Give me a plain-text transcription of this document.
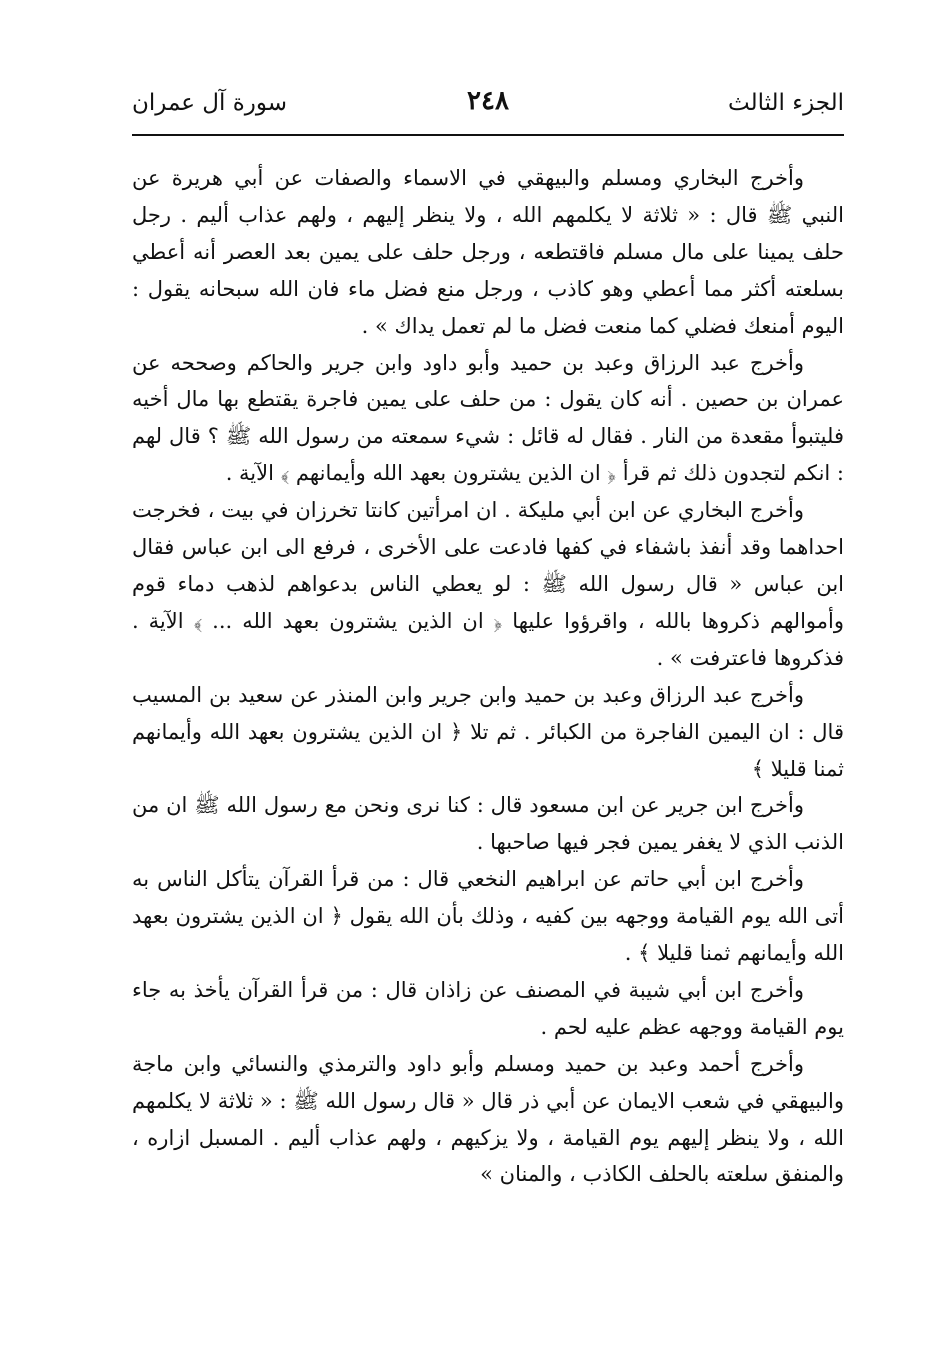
الجزء الثالث
٢٤٨
سورة آل عمران

وأخرج البخاري ومسلم والبيهقي في الاسماء والصفات عن أبي هريرة عن النبي ﷺ قال : « ثلاثة لا يكلمهم الله ، ولا ينظر إليهم ، ولهم عذاب أليم . رجل حلف يمينا على مال مسلم فاقتطعه ، ورجل حلف على يمين بعد العصر أنه أعطي بسلعته أكثر مما أعطي وهو كاذب ، ورجل منع فضل ماء فان الله سبحانه يقول : اليوم أمنعك فضلي كما منعت فضل ما لم تعمل يداك » .

وأخرج عبد الرزاق وعبد بن حميد وأبو داود وابن جرير والحاكم وصححه عن عمران بن حصين . أنه كان يقول : من حلف على يمين فاجرة يقتطع بها مال أخيه فليتبوأ مقعدة من النار . فقال له قائل : شيء سمعته من رسول الله ﷺ ؟ قال لهم : انكم لتجدون ذلك ثم قرأ ﴿ ان الذين يشترون بعهد الله وأيمانهم ﴾ الآية .

وأخرج البخاري عن ابن أبي مليكة . ان امرأتين كانتا تخرزان في بيت ، فخرجت احداهما وقد أنفذ باشفاء في كفها فادعت على الأخرى ، فرفع الى ابن عباس فقال ابن عباس « قال رسول الله ﷺ : لو يعطي الناس بدعواهم لذهب دماء قوم وأموالهم ذكروها بالله ، واقرؤوا عليها ﴿ ان الذين يشترون بعهد الله ... ﴾ الآية . فذكروها فاعترفت » .

وأخرج عبد الرزاق وعبد بن حميد وابن جرير وابن المنذر عن سعيد بن المسيب قال : ان اليمين الفاجرة من الكبائر . ثم تلا ﴿ ان الذين يشترون بعهد الله وأيمانهم ثمنا قليلا ﴾

وأخرج ابن جرير عن ابن مسعود قال : كنا نرى ونحن مع رسول الله ﷺ ان من الذنب الذي لا يغفر يمين فجر فيها صاحبها .

وأخرج ابن أبي حاتم عن ابراهيم النخعي قال : من قرأ القرآن يتأكل الناس به أتى الله يوم القيامة ووجهه بين كفيه ، وذلك بأن الله يقول ﴿ ان الذين يشترون بعهد الله وأيمانهم ثمنا قليلا ﴾ .

وأخرج ابن أبي شيبة في المصنف عن زاذان قال : من قرأ القرآن يأخذ به جاء يوم القيامة ووجهه عظم عليه لحم .

وأخرج أحمد وعبد بن حميد ومسلم وأبو داود والترمذي والنسائي وابن ماجة والبيهقي في شعب الايمان عن أبي ذر قال « قال رسول الله ﷺ : « ثلاثة لا يكلمهم الله ، ولا ينظر إليهم يوم القيامة ، ولا يزكيهم ، ولهم عذاب أليم . المسبل ازاره ، والمنفق سلعته بالحلف الكاذب ، والمنان »
